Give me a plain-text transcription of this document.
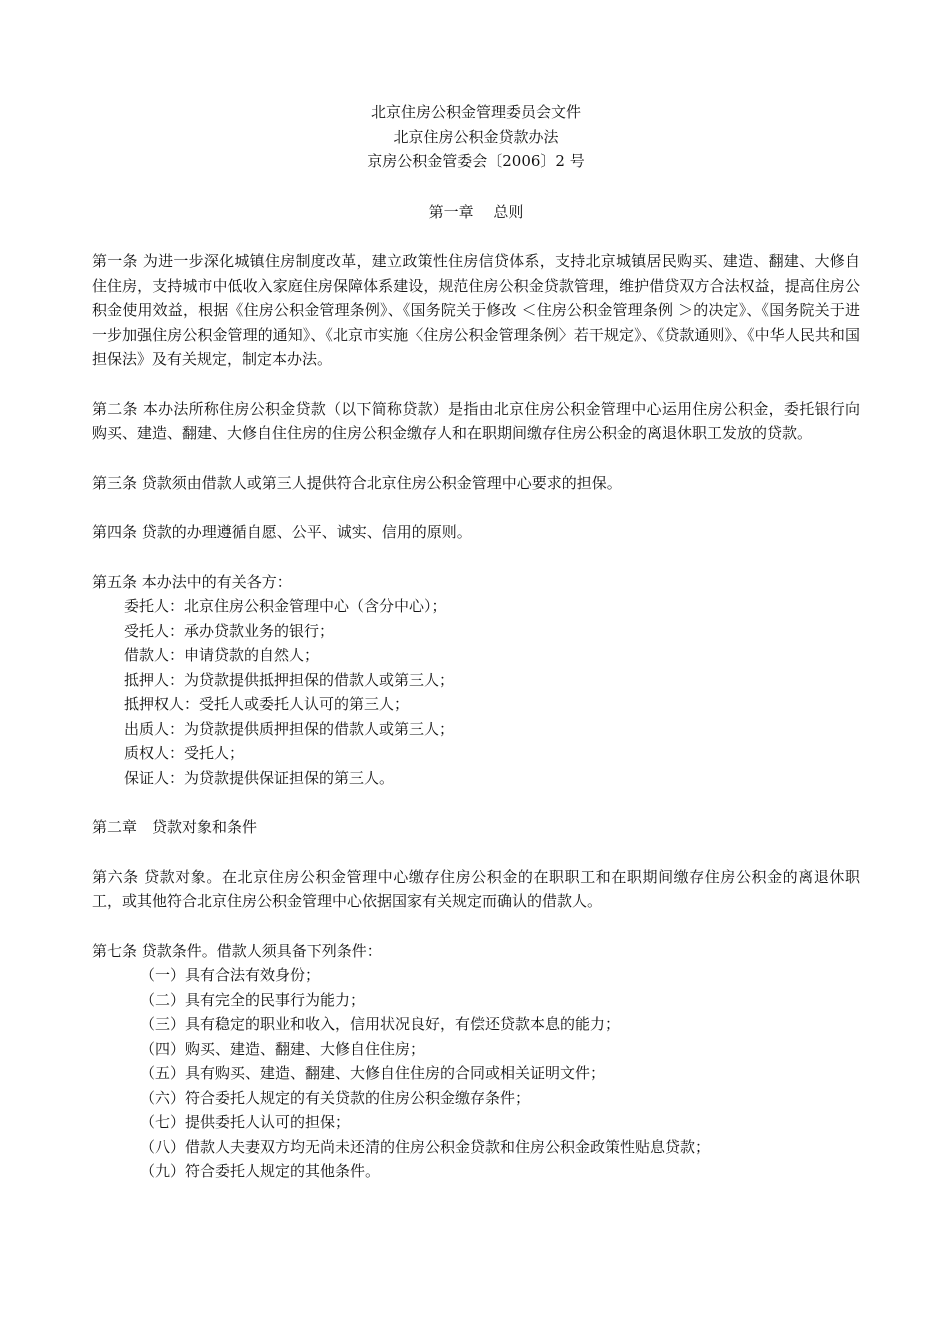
北京住房公积金管理委员会文件
北京住房公积金贷款办法
京房公积金管委会〔2006〕2 号
第一章　 总则
第一条 为进一步深化城镇住房制度改革，建立政策性住房信贷体系，支持北京城镇居民购买、建造、翻建、大修自住住房，支持城市中低收入家庭住房保障体系建设，规范住房公积金贷款管理，维护借贷双方合法权益，提高住房公积金使用效益，根据《住房公积金管理条例》、《国务院关于修改 ＜住房公积金管理条例 ＞的决定》、《国务院关于进一步加强住房公积金管理的通知》、《北京市实施〈住房公积金管理条例〉若干规定》、《贷款通则》、《中华人民共和国担保法》及有关规定，制定本办法。
第二条 本办法所称住房公积金贷款（以下简称贷款）是指由北京住房公积金管理中心运用住房公积金，委托银行向购买、建造、翻建、大修自住住房的住房公积金缴存人和在职期间缴存住房公积金的离退休职工发放的贷款。
第三条 贷款须由借款人或第三人提供符合北京住房公积金管理中心要求的担保。
第四条 贷款的办理遵循自愿、公平、诚实、信用的原则。
第五条 本办法中的有关各方：
委托人：北京住房公积金管理中心（含分中心）；
受托人：承办贷款业务的银行；
借款人：申请贷款的自然人；
抵押人：为贷款提供抵押担保的借款人或第三人；
抵押权人：受托人或委托人认可的第三人；
出质人：为贷款提供质押担保的借款人或第三人；
质权人：受托人；
保证人：为贷款提供保证担保的第三人。
第二章　贷款对象和条件
第六条 贷款对象。在北京住房公积金管理中心缴存住房公积金的在职职工和在职期间缴存住房公积金的离退休职工，或其他符合北京住房公积金管理中心依据国家有关规定而确认的借款人。
第七条 贷款条件。借款人须具备下列条件：
（一）具有合法有效身份；
（二）具有完全的民事行为能力；
（三）具有稳定的职业和收入，信用状况良好，有偿还贷款本息的能力；
（四）购买、建造、翻建、大修自住住房；
（五）具有购买、建造、翻建、大修自住住房的合同或相关证明文件；
（六）符合委托人规定的有关贷款的住房公积金缴存条件；
（七）提供委托人认可的担保；
（八）借款人夫妻双方均无尚未还清的住房公积金贷款和住房公积金政策性贴息贷款；
（九）符合委托人规定的其他条件。
